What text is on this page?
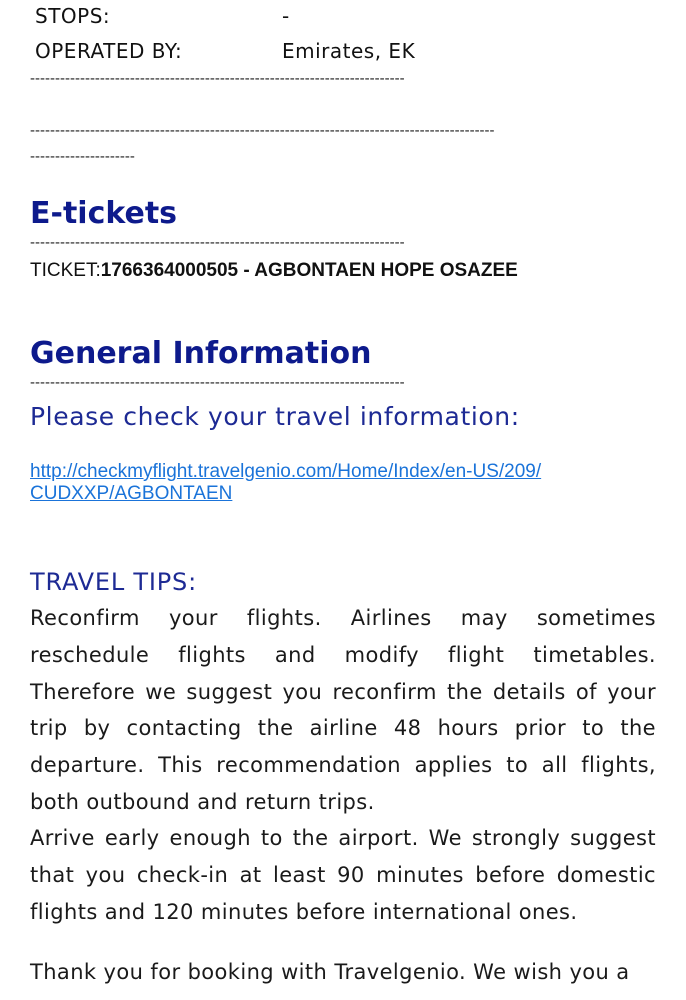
STOPS:	-
OPERATED BY:	Emirates, EK
---------------------------------------------------------------------------
---------------------------------------------------------------------------------------------
---------------------
E-tickets
---------------------------------------------------------------------------
TICKET:1766364000505 - AGBONTAEN HOPE OSAZEE
General Information
---------------------------------------------------------------------------
Please check your travel information:
http://checkmyflight.travelgenio.com/Home/Index/en-US/209/
CUDXXP/AGBONTAEN
TRAVEL TIPS:
Reconfirm your flights. Airlines may sometimes reschedule flights and modify flight timetables. Therefore we suggest you reconfirm the details of your trip by contacting the airline 48 hours prior to the departure. This recommendation applies to all flights, both outbound and return trips.
Arrive early enough to the airport. We strongly suggest that you check-in at least 90 minutes before domestic flights and 120 minutes before international ones.
Thank you for booking with Travelgenio. We wish you a
